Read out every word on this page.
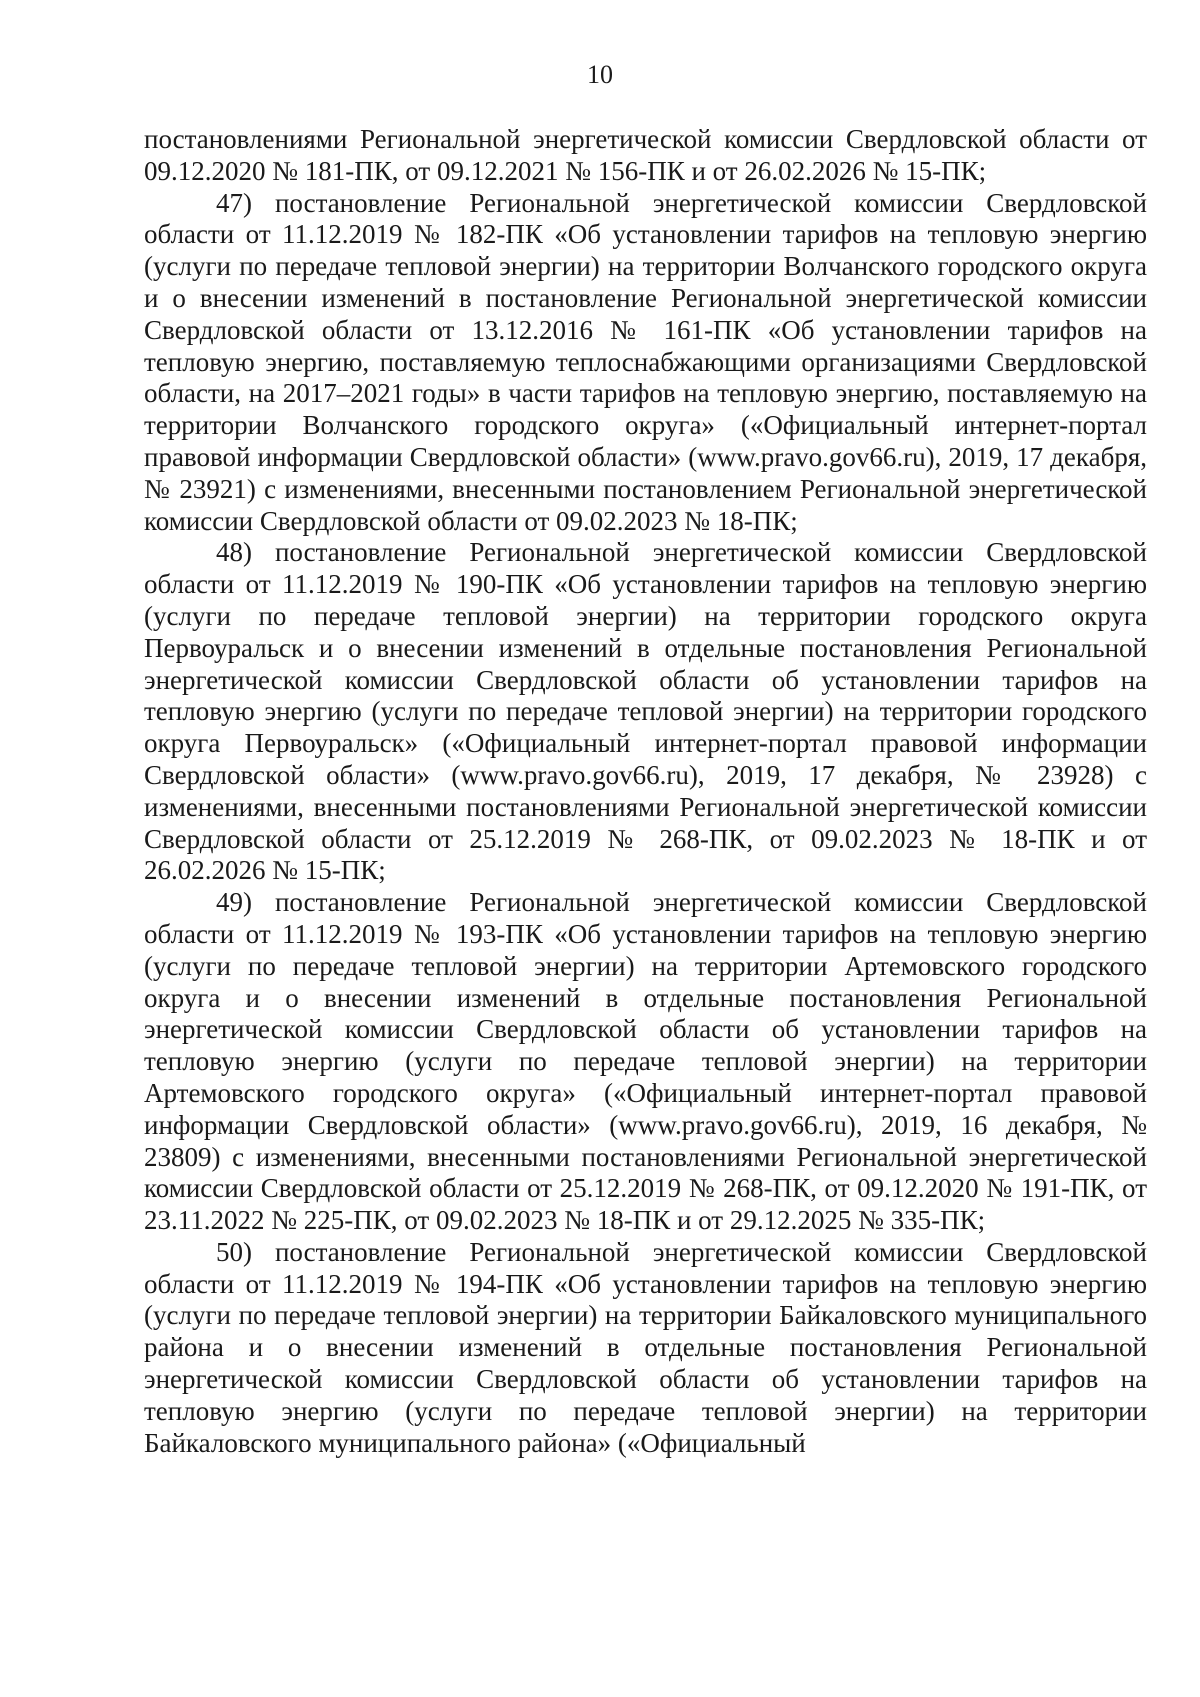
10

постановлениями Региональной энергетической комиссии Свердловской области от 09.12.2020 № 181-ПК, от 09.12.2021 № 156-ПК и от 26.02.2026 № 15-ПК;

47) постановление Региональной энергетической комиссии Свердловской области от 11.12.2019 № 182-ПК «Об установлении тарифов на тепловую энергию (услуги по передаче тепловой энергии) на территории Волчанского городского округа и о внесении изменений в постановление Региональной энергетической комиссии Свердловской области от 13.12.2016 № 161-ПК «Об установлении тарифов на тепловую энергию, поставляемую теплоснабжающими организациями Свердловской области, на 2017–2021 годы» в части тарифов на тепловую энергию, поставляемую на территории Волчанского городского округа» («Официальный интернет-портал правовой информации Свердловской области» (www.pravo.gov66.ru), 2019, 17 декабря, № 23921) с изменениями, внесенными постановлением Региональной энергетической комиссии Свердловской области от 09.02.2023 № 18-ПК;

48) постановление Региональной энергетической комиссии Свердловской области от 11.12.2019 № 190-ПК «Об установлении тарифов на тепловую энергию (услуги по передаче тепловой энергии) на территории городского округа Первоуральск и о внесении изменений в отдельные постановления Региональной энергетической комиссии Свердловской области об установлении тарифов на тепловую энергию (услуги по передаче тепловой энергии) на территории городского округа Первоуральск» («Официальный интернет-портал правовой информации Свердловской области» (www.pravo.gov66.ru), 2019, 17 декабря, № 23928) с изменениями, внесенными постановлениями Региональной энергетической комиссии Свердловской области от 25.12.2019 № 268-ПК, от 09.02.2023 № 18-ПК и от 26.02.2026 № 15-ПК;

49) постановление Региональной энергетической комиссии Свердловской области от 11.12.2019 № 193-ПК «Об установлении тарифов на тепловую энергию (услуги по передаче тепловой энергии) на территории Артемовского городского округа и о внесении изменений в отдельные постановления Региональной энергетической комиссии Свердловской области об установлении тарифов на тепловую энергию (услуги по передаче тепловой энергии) на территории Артемовского городского округа» («Официальный интернет-портал правовой информации Свердловской области» (www.pravo.gov66.ru), 2019, 16 декабря, № 23809) с изменениями, внесенными постановлениями Региональной энергетической комиссии Свердловской области от 25.12.2019 № 268-ПК, от 09.12.2020 № 191-ПК, от 23.11.2022 № 225-ПК, от 09.02.2023 № 18-ПК и от 29.12.2025 № 335-ПК;

50) постановление Региональной энергетической комиссии Свердловской области от 11.12.2019 № 194-ПК «Об установлении тарифов на тепловую энергию (услуги по передаче тепловой энергии) на территории Байкаловского муниципального района и о внесении изменений в отдельные постановления Региональной энергетической комиссии Свердловской области об установлении тарифов на тепловую энергию (услуги по передаче тепловой энергии) на территории Байкаловского муниципального района» («Официальный
